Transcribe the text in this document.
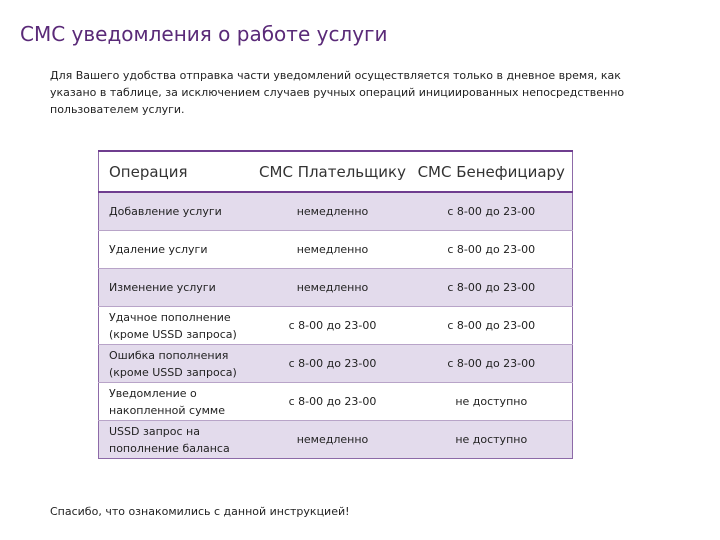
СМС уведомления о работе услуги
Для Вашего удобства отправка части уведомлений осуществляется только в дневное время, как указано в таблице, за исключением случаев ручных операций инициированных непосредственно пользователем услуги.
Операция	СМС Плательщику	СМС Бенефициару
Добавление услуги	немедленно	с 8-00 до 23-00
Удаление услуги	немедленно	с 8-00 до 23-00
Изменение услуги	немедленно	с 8-00 до 23-00
Удачное пополнение (кроме USSD запроса)	с 8-00 до 23-00	с 8-00 до 23-00
Ошибка пополнения (кроме USSD запроса)	с 8-00 до 23-00	с 8-00 до 23-00
Уведомление о накопленной сумме	с 8-00 до 23-00	не доступно
USSD запрос на пополнение баланса	немедленно	не доступно
Спасибо, что ознакомились с данной инструкцией!
